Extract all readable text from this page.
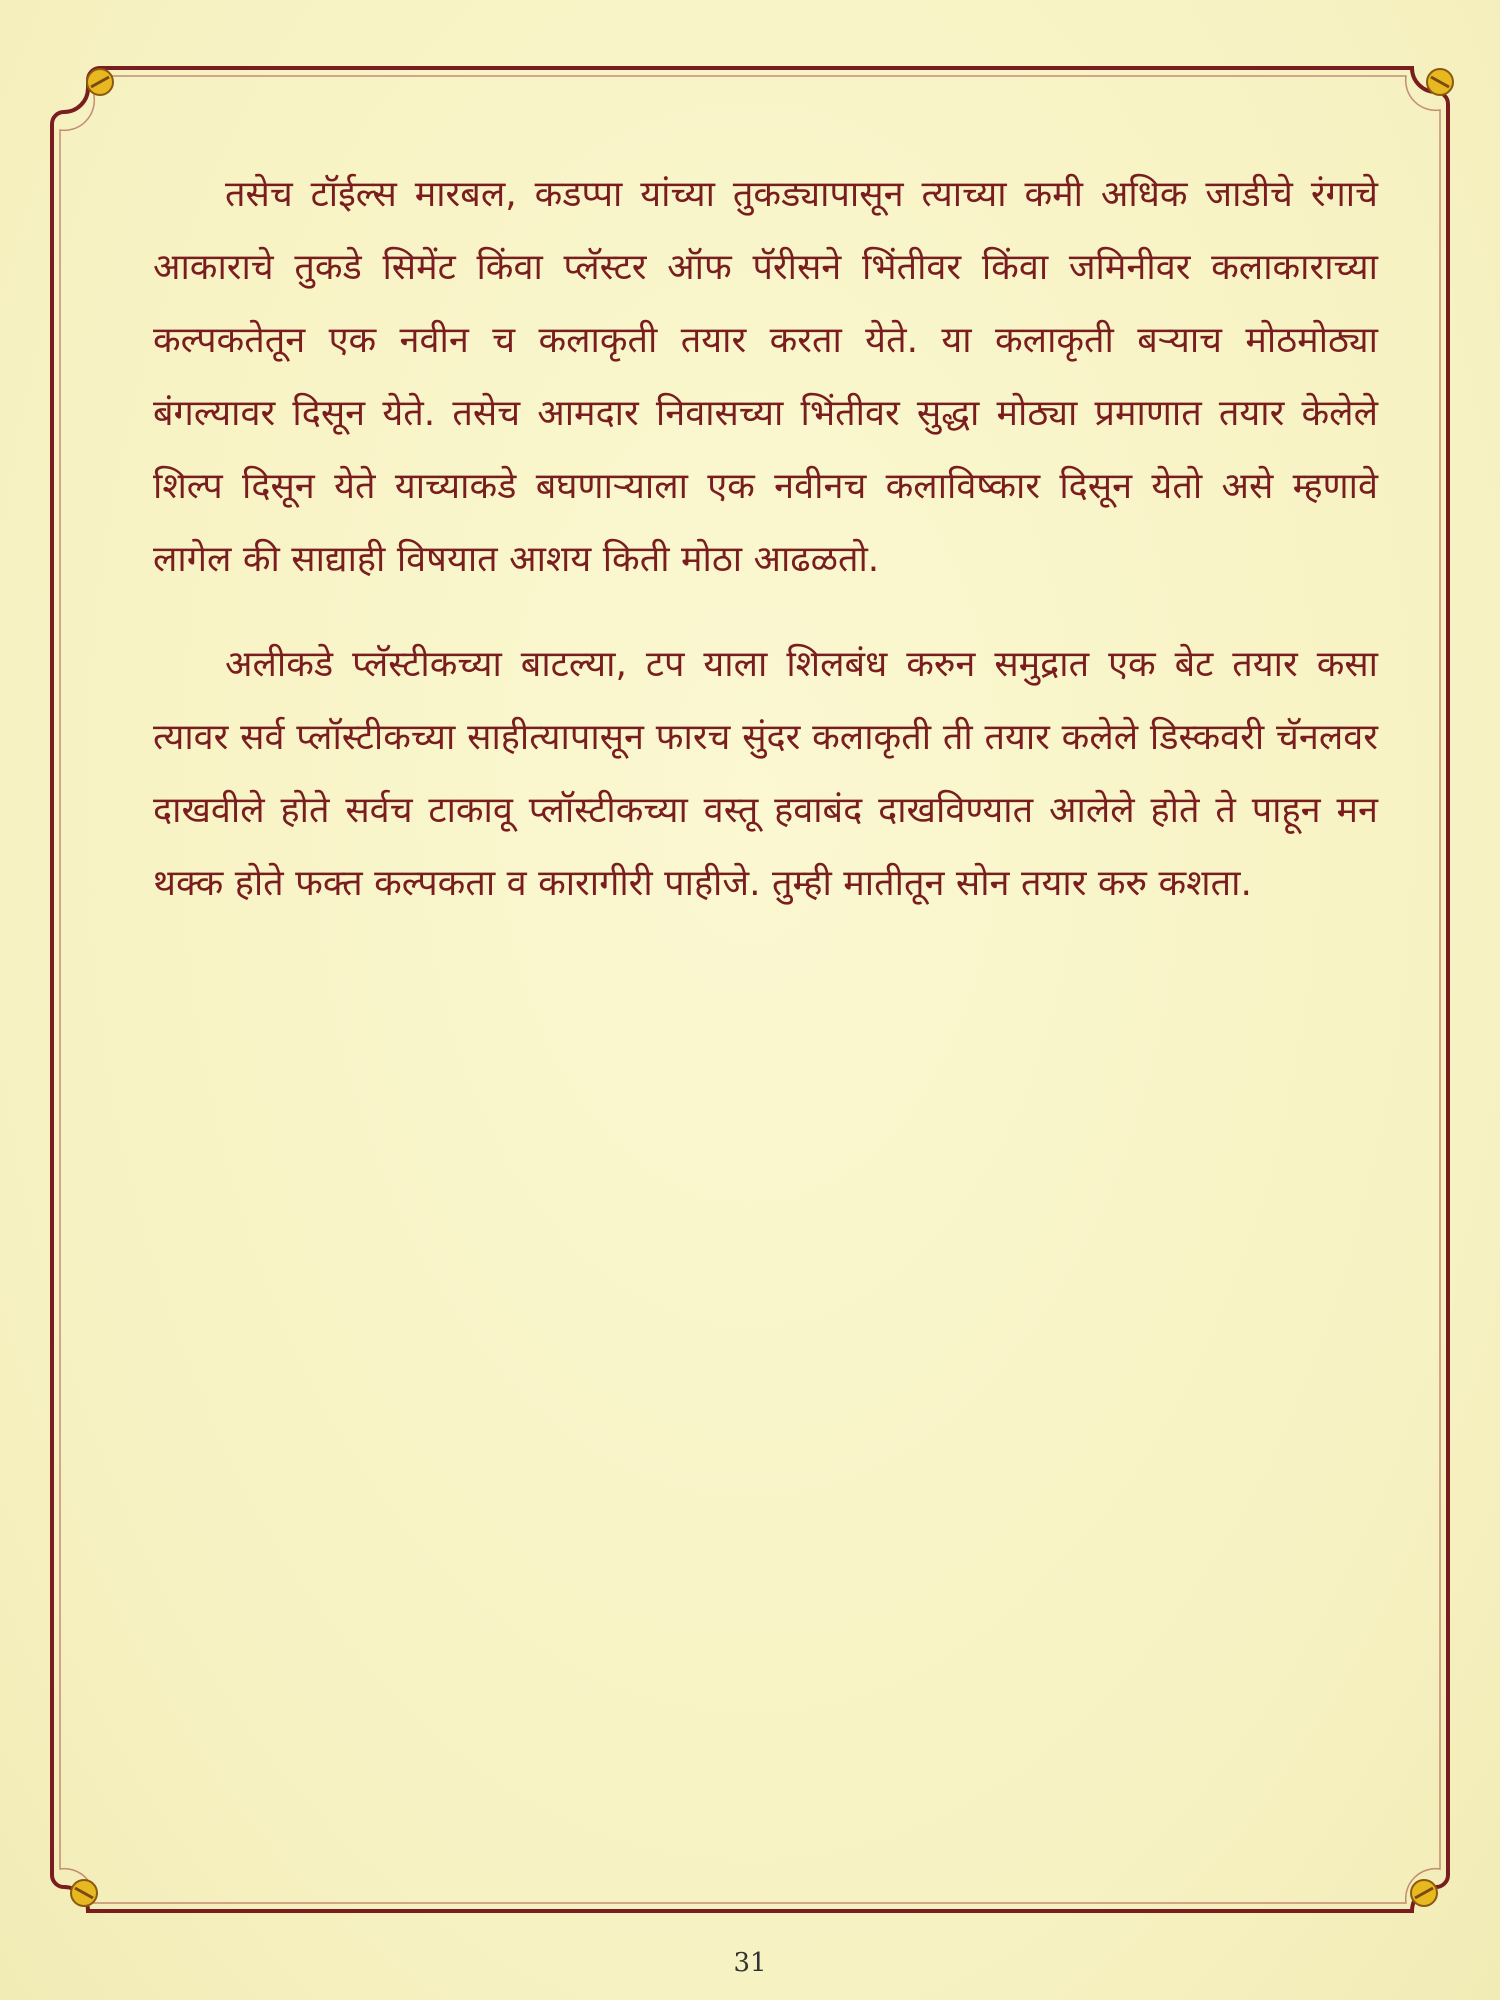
तसेच टॉईल्स मारबल, कडप्पा यांच्या तुकड्यापासून त्याच्या कमी अधिक जाडीचे रंगाचे आकाराचे तुकडे सिमेंट किंवा प्लॅस्टर ऑफ पॅरीसने भिंतीवर किंवा जमिनीवर कलाकाराच्या कल्पकतेतून एक नवीन च कलाकृती तयार करता येते. या कलाकृती बऱ्याच मोठमोठ्या बंगल्यावर दिसून येते. तसेच आमदार निवासच्या भिंतीवर सुद्धा मोठ्या प्रमाणात तयार केलेले शिल्प दिसून येते याच्याकडे बघणाऱ्याला एक नवीनच कलाविष्कार दिसून येतो असे म्हणावे लागेल की साद्याही विषयात आशय किती मोठा आढळतो.

अलीकडे प्लॅस्टीकच्या बाटल्या, टप याला शिलबंध करुन समुद्रात एक बेट तयार कसा त्यावर सर्व प्लॉस्टीकच्या साहीत्यापासून फारच सुंदर कलाकृती ती तयार कलेले डिस्कवरी चॅनलवर दाखवीले होते सर्वच टाकावू प्लॉस्टीकच्या वस्तू हवाबंद दाखविण्यात आलेले होते ते पाहून मन थक्क होते फक्त कल्पकता व कारागीरी पाहीजे. तुम्ही मातीतून सोन तयार करु कशता.

31
